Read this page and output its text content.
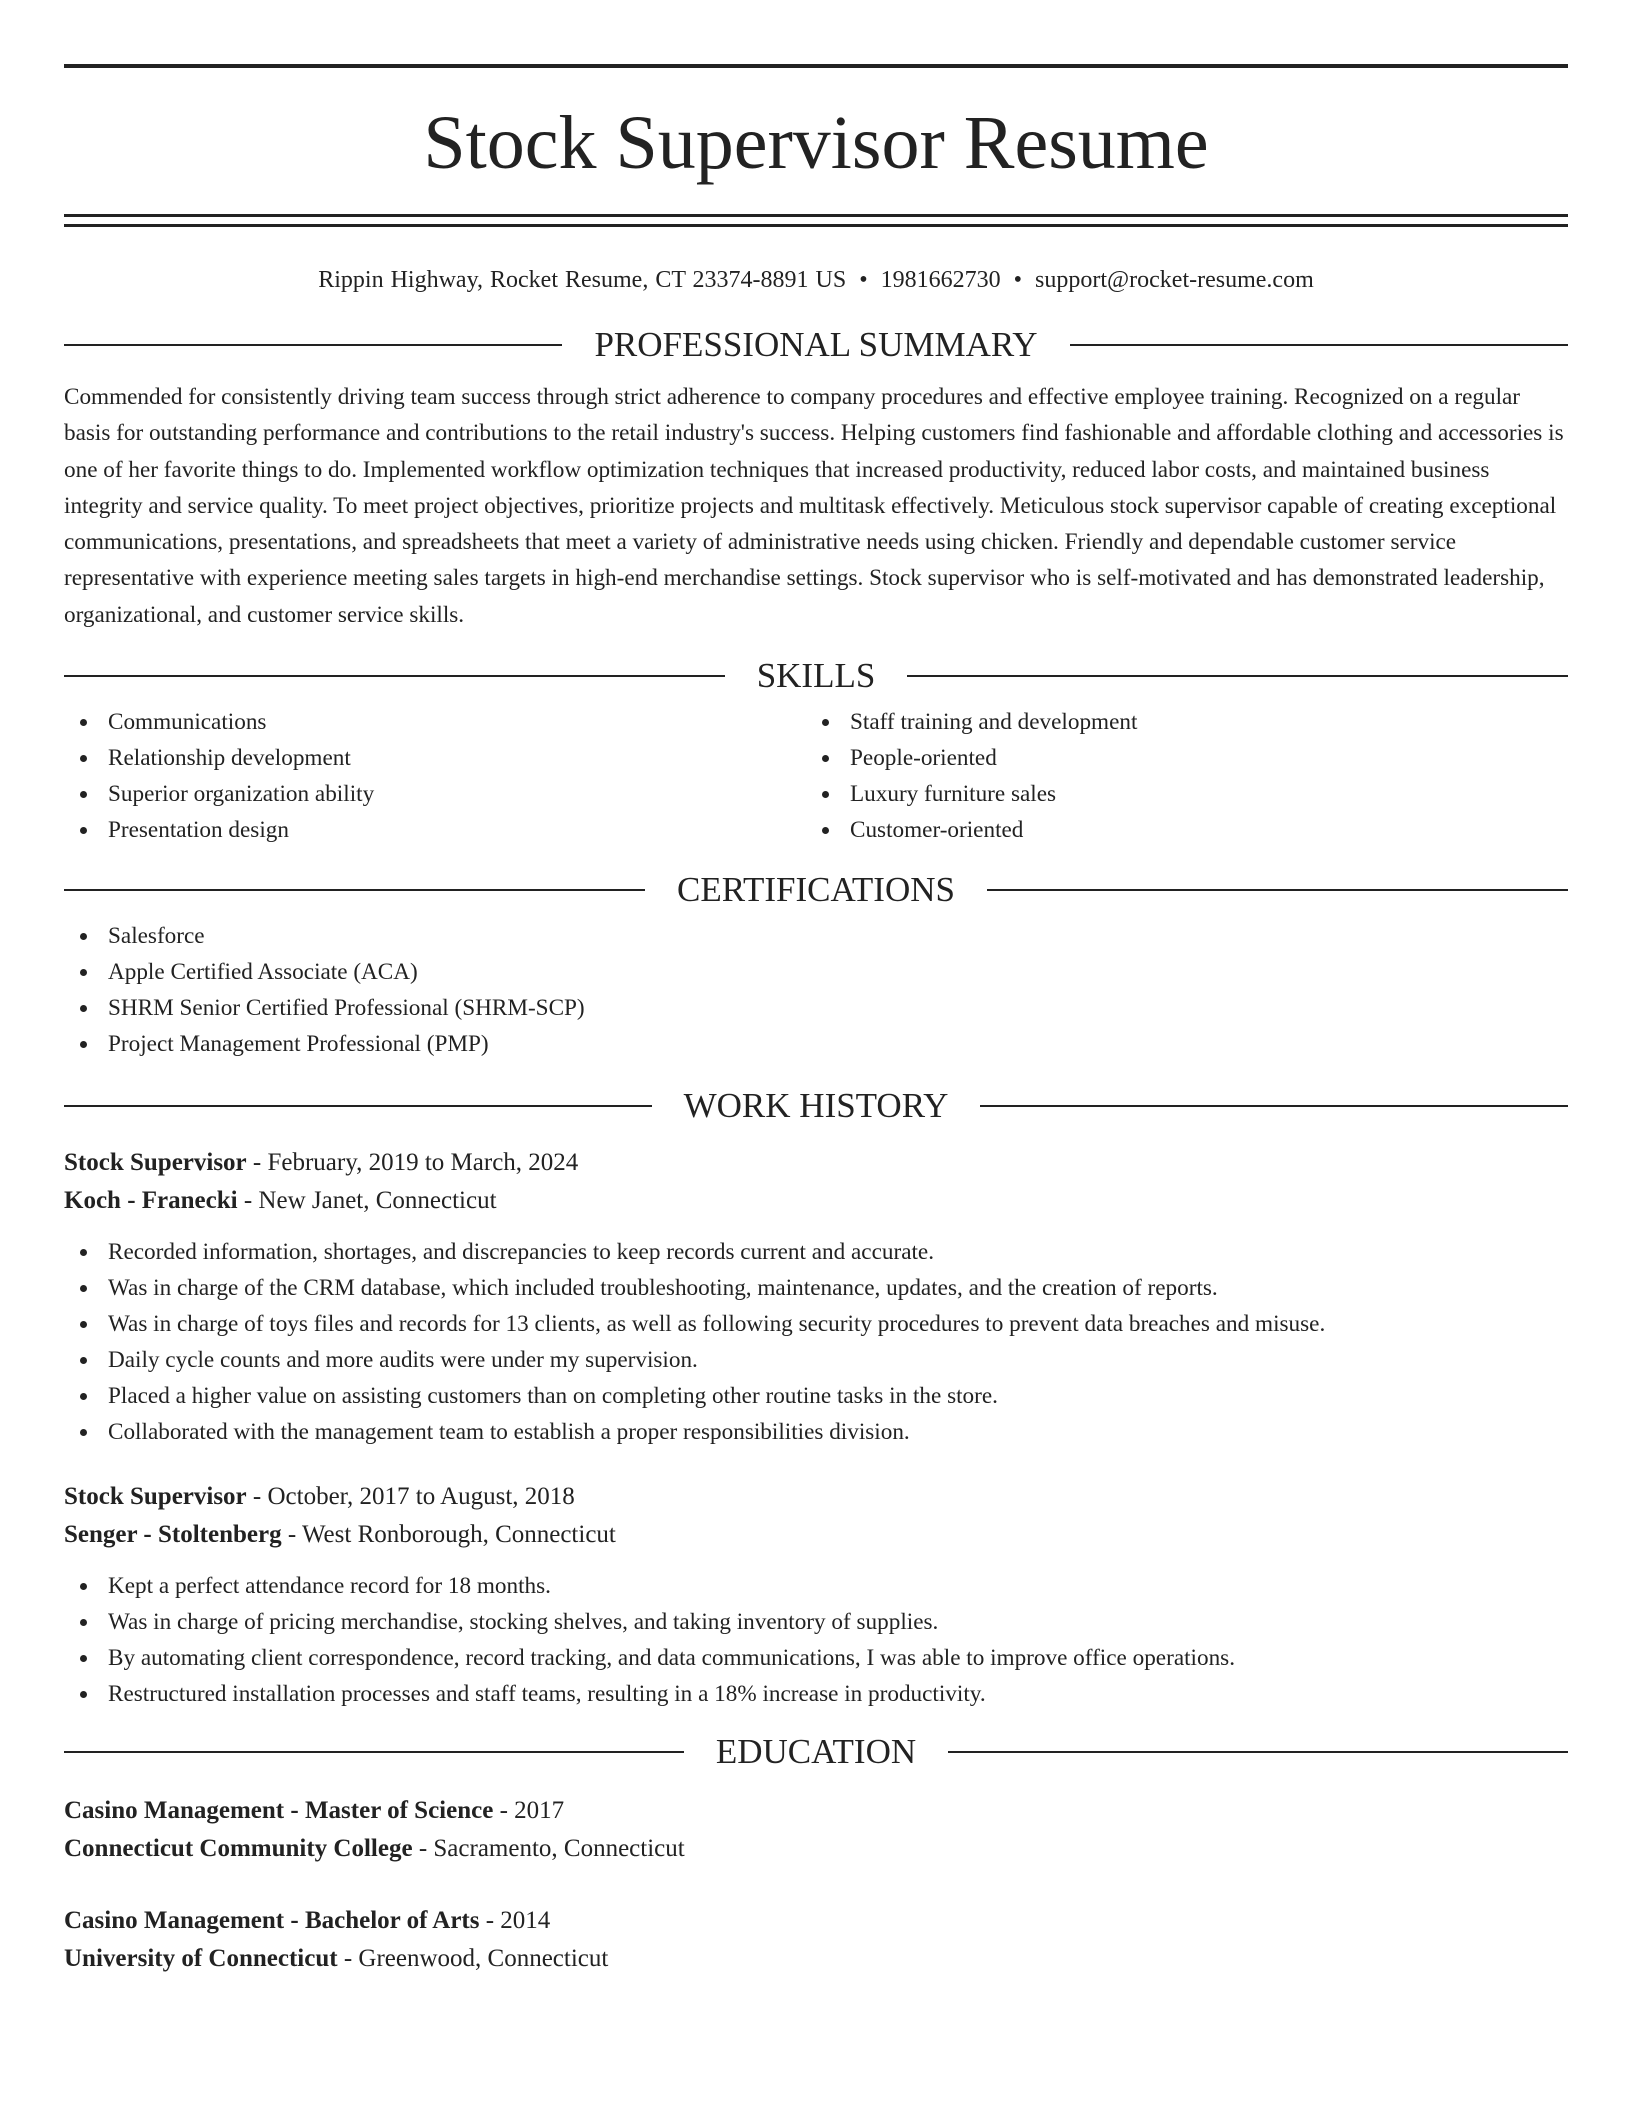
Stock Supervisor Resume
Rippin Highway, Rocket Resume, CT 23374-8891 US • 1981662730 • support@rocket-resume.com
PROFESSIONAL SUMMARY
Commended for consistently driving team success through strict adherence to company procedures and effective employee training. Recognized on a regular basis for outstanding performance and contributions to the retail industry's success. Helping customers find fashionable and affordable clothing and accessories is one of her favorite things to do. Implemented workflow optimization techniques that increased productivity, reduced labor costs, and maintained business integrity and service quality. To meet project objectives, prioritize projects and multitask effectively. Meticulous stock supervisor capable of creating exceptional communications, presentations, and spreadsheets that meet a variety of administrative needs using chicken. Friendly and dependable customer service representative with experience meeting sales targets in high-end merchandise settings. Stock supervisor who is self-motivated and has demonstrated leadership, organizational, and customer service skills.
SKILLS
Communications
Relationship development
Superior organization ability
Presentation design
Staff training and development
People-oriented
Luxury furniture sales
Customer-oriented
CERTIFICATIONS
Salesforce
Apple Certified Associate (ACA)
SHRM Senior Certified Professional (SHRM-SCP)
Project Management Professional (PMP)
WORK HISTORY
Stock Supervisor - February, 2019 to March, 2024
Koch - Franecki - New Janet, Connecticut
Recorded information, shortages, and discrepancies to keep records current and accurate.
Was in charge of the CRM database, which included troubleshooting, maintenance, updates, and the creation of reports.
Was in charge of toys files and records for 13 clients, as well as following security procedures to prevent data breaches and misuse.
Daily cycle counts and more audits were under my supervision.
Placed a higher value on assisting customers than on completing other routine tasks in the store.
Collaborated with the management team to establish a proper responsibilities division.
Stock Supervisor - October, 2017 to August, 2018
Senger - Stoltenberg - West Ronborough, Connecticut
Kept a perfect attendance record for 18 months.
Was in charge of pricing merchandise, stocking shelves, and taking inventory of supplies.
By automating client correspondence, record tracking, and data communications, I was able to improve office operations.
Restructured installation processes and staff teams, resulting in a 18% increase in productivity.
EDUCATION
Casino Management - Master of Science - 2017
Connecticut Community College - Sacramento, Connecticut
Casino Management - Bachelor of Arts - 2014
University of Connecticut - Greenwood, Connecticut
